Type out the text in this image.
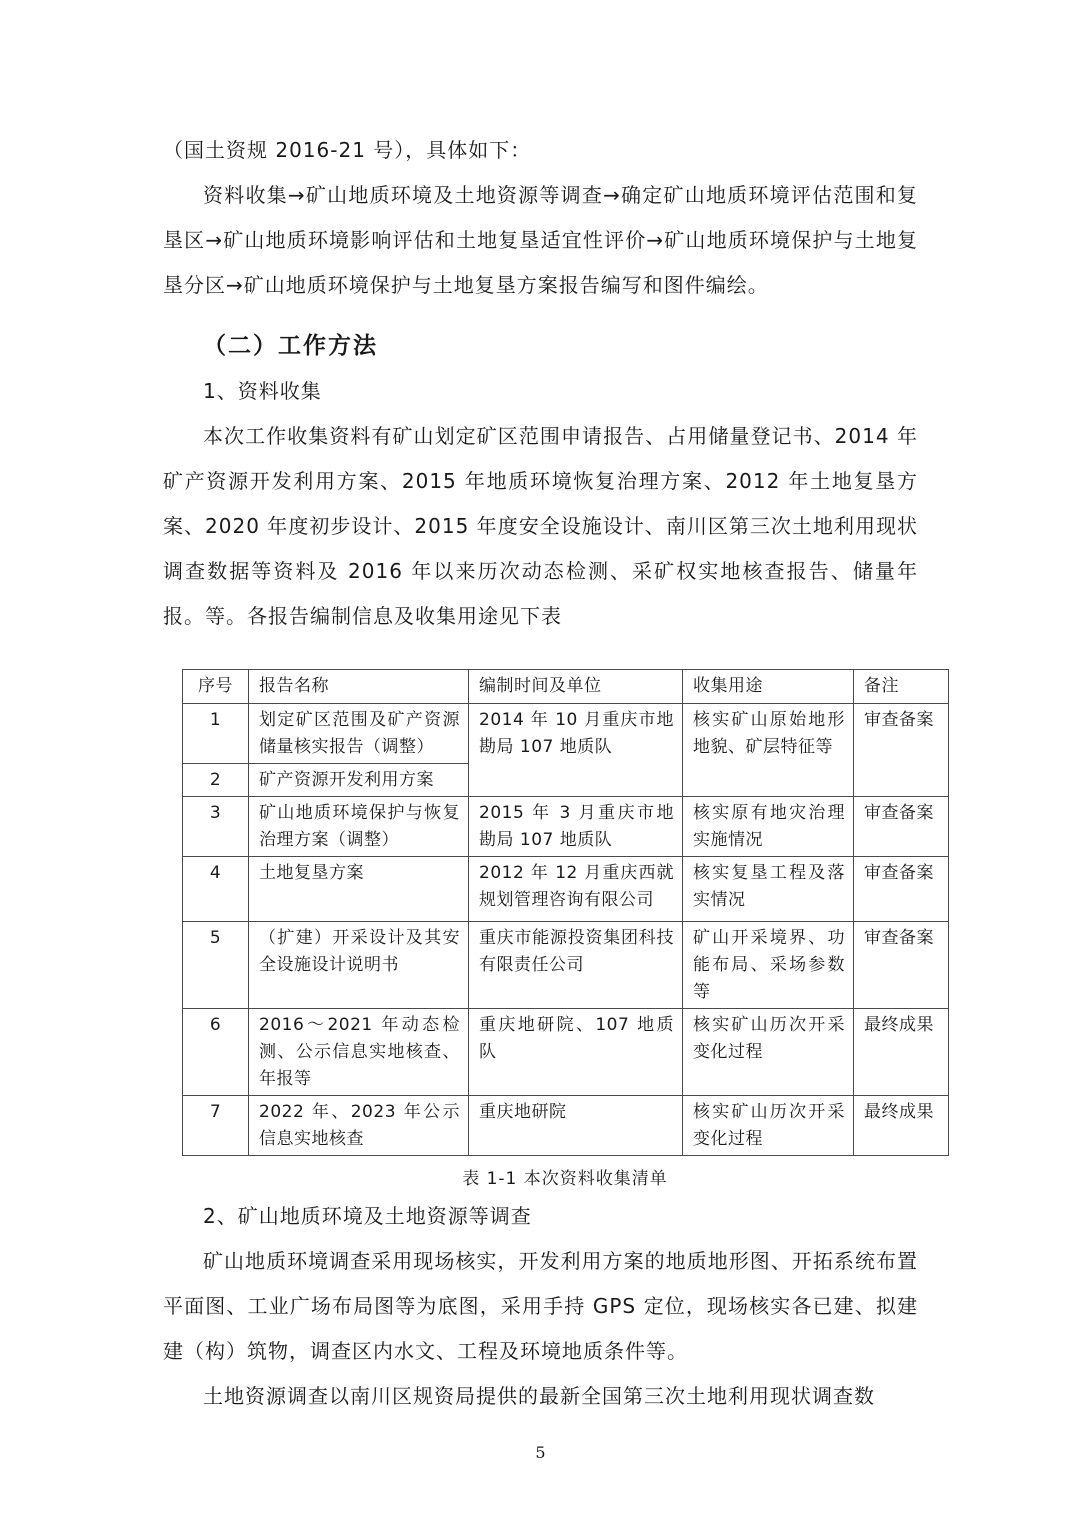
（国土资规 2016-21 号），具体如下：

资料收集→矿山地质环境及土地资源等调查→确定矿山地质环境评估范围和复垦区→矿山地质环境影响评估和土地复垦适宜性评价→矿山地质环境保护与土地复垦分区→矿山地质环境保护与土地复垦方案报告编写和图件编绘。

（二）工作方法

1、资料收集

本次工作收集资料有矿山划定矿区范围申请报告、占用储量登记书、2014 年矿产资源开发利用方案、2015 年地质环境恢复治理方案、2012 年土地复垦方案、2020 年度初步设计、2015 年度安全设施设计、南川区第三次土地利用现状调查数据等资料及 2016 年以来历次动态检测、采矿权实地核查报告、储量年报。等。各报告编制信息及收集用途见下表

序号	报告名称	编制时间及单位	收集用途	备注
1	划定矿区范围及矿产资源储量核实报告（调整）	2014 年 10 月重庆市地勘局 107 地质队	核实矿山原始地形地貌、矿层特征等	审查备案
2	矿产资源开发利用方案			
3	矿山地质环境保护与恢复治理方案（调整）	2015 年 3 月重庆市地勘局 107 地质队	核实原有地灾治理实施情况	审查备案
4	土地复垦方案	2012 年 12 月重庆西就规划管理咨询有限公司	核实复垦工程及落实情况	审查备案
5	（扩建）开采设计及其安全设施设计说明书	重庆市能源投资集团科技有限责任公司	矿山开采境界、功能布局、采场参数等	审查备案
6	2016～2021 年动态检测、公示信息实地核查、年报等	重庆地研院、107 地质队	核实矿山历次开采变化过程	最终成果
7	2022 年、2023 年公示信息实地核查	重庆地研院	核实矿山历次开采变化过程	最终成果
表 1-1 本次资料收集清单

2、矿山地质环境及土地资源等调查

矿山地质环境调查采用现场核实，开发利用方案的地质地形图、开拓系统布置平面图、工业广场布局图等为底图，采用手持 GPS 定位，现场核实各已建、拟建建（构）筑物，调查区内水文、工程及环境地质条件等。

土地资源调查以南川区规资局提供的最新全国第三次土地利用现状调查数

5
